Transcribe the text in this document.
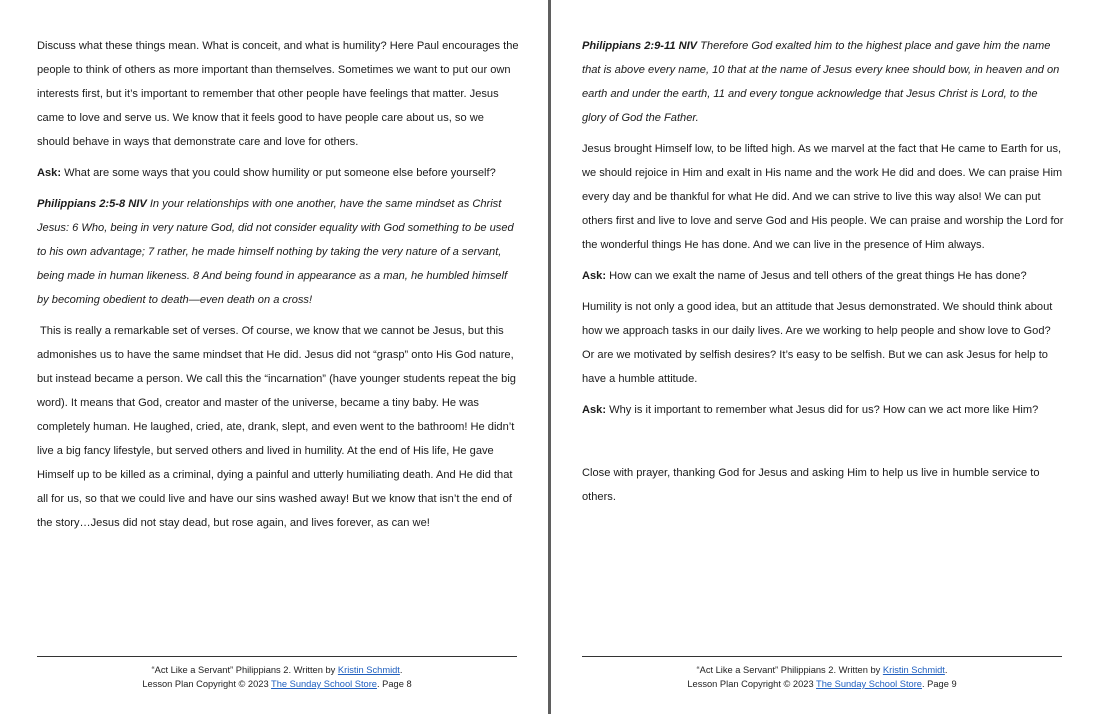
Discuss what these things mean. What is conceit, and what is humility? Here Paul encourages the people to think of others as more important than themselves. Sometimes we want to put our own interests first, but it’s important to remember that other people have feelings that matter. Jesus came to love and serve us. We know that it feels good to have people care about us, so we should behave in ways that demonstrate care and love for others.

Ask: What are some ways that you could show humility or put someone else before yourself?

Philippians 2:5-8 NIV In your relationships with one another, have the same mindset as Christ Jesus: 6 Who, being in very nature God, did not consider equality with God something to be used to his own advantage; 7 rather, he made himself nothing by taking the very nature of a servant, being made in human likeness. 8 And being found in appearance as a man, he humbled himself by becoming obedient to death—even death on a cross!

This is really a remarkable set of verses. Of course, we know that we cannot be Jesus, but this admonishes us to have the same mindset that He did. Jesus did not “grasp” onto His God nature, but instead became a person. We call this the “incarnation” (have younger students repeat the big word). It means that God, creator and master of the universe, became a tiny baby. He was completely human. He laughed, cried, ate, drank, slept, and even went to the bathroom! He didn’t live a big fancy lifestyle, but served others and lived in humility. At the end of His life, He gave Himself up to be killed as a criminal, dying a painful and utterly humiliating death. And He did that all for us, so that we could live and have our sins washed away! But we know that isn’t the end of the story…Jesus did not stay dead, but rose again, and lives forever, as can we!

“Act Like a Servant” Philippians 2. Written by Kristin Schmidt.
Lesson Plan Copyright © 2023 The Sunday School Store. Page 8

Philippians 2:9-11 NIV Therefore God exalted him to the highest place and gave him the name that is above every name, 10 that at the name of Jesus every knee should bow, in heaven and on earth and under the earth, 11 and every tongue acknowledge that Jesus Christ is Lord, to the glory of God the Father.

Jesus brought Himself low, to be lifted high. As we marvel at the fact that He came to Earth for us, we should rejoice in Him and exalt in His name and the work He did and does. We can praise Him every day and be thankful for what He did. And we can strive to live this way also! We can put others first and live to love and serve God and His people. We can praise and worship the Lord for the wonderful things He has done. And we can live in the presence of Him always.

Ask: How can we exalt the name of Jesus and tell others of the great things He has done?

Humility is not only a good idea, but an attitude that Jesus demonstrated. We should think about how we approach tasks in our daily lives. Are we working to help people and show love to God? Or are we motivated by selfish desires? It’s easy to be selfish. But we can ask Jesus for help to have a humble attitude.

Ask: Why is it important to remember what Jesus did for us? How can we act more like Him?

Close with prayer, thanking God for Jesus and asking Him to help us live in humble service to others.

“Act Like a Servant” Philippians 2. Written by Kristin Schmidt.
Lesson Plan Copyright © 2023 The Sunday School Store. Page 9
